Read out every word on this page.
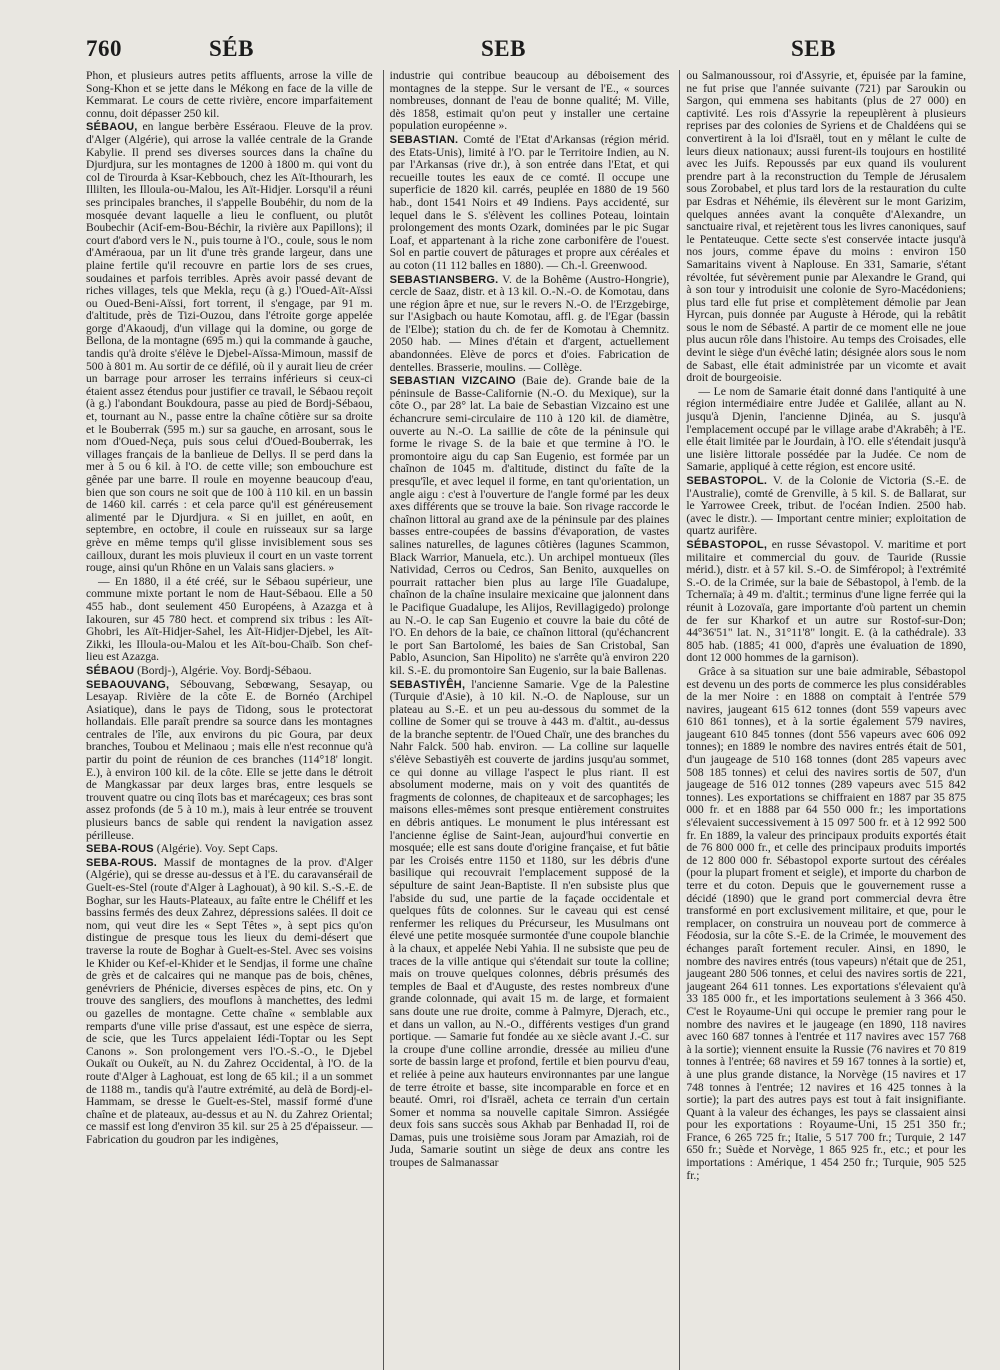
760	SÉB	SEB	SEB

Phon, et plusieurs autres petits affluents, arrose la ville de Song-Khon et se jette dans le Mékong en face de la ville de Kemmarat. Le cours de cette rivière, encore imparfaitement connu, doit dépasser 250 kil.

SÉBAOU, en langue berbère Esséraou. Fleuve de la prov. d'Alger (Algérie), qui arrose la vallée centrale de la Grande Kabylie. Il prend ses diverses sources dans la chaîne du Djurdjura, sur les montagnes de 1200 à 1800 m. qui vont du col de Tirourda à Ksar-Kebbouch, chez les Aït-Ithourагh, les Illilten, les Illoula-ou-Malou, les Aït-Hidjer. Lorsqu'il a réuni ses principales branches, il s'appelle Boubéhir, du nom de la mosquée devant laquelle a lieu le confluent, ou plutôt Boubechir (Acif-em-Bou-Béchir, la rivière aux Papillons); il court d'abord vers le N., puis tourne à l'O., coule, sous le nom d'Améraoua, par un lit d'une très grande largeur, dans une plaine fertile qu'il recouvre en partie lors de ses crues, soudaines et parfois terribles. Après avoir passé devant de riches villages, tels que Mekla, reçu (à g.) l'Oued-Aït-Aïssi ou Oued-Beni-Aïssi, fort torrent, il s'engage, par 91 m. d'altitude, près de Tizi-Ouzou, dans l'étroite gorge appelée gorge d'Akaoudj, d'un village qui la domine, ou gorge de Bellona, de la montagne (695 m.) qui la commande à gauche, tandis qu'à droite s'élève le Djebel-Aïssa-Mimoun, massif de 500 à 801 m. Au sortir de ce défilé, où il y aurait lieu de créer un barrage pour arroser les terrains inférieurs si ceux-ci étaient assez étendus pour justifier ce travail, le Sébaou reçoit (à g.) l'abondant Boukdoura, passe au pied de Bordj-Sébaou, et, tournant au N., passe entre la chaîne côtière sur sa droite et le Bouberrak (595 m.) sur sa gauche, en arrosant, sous le nom d'Oued-Neça, puis sous celui d'Oued-Bouberrak, les villages français de la banlieue de Dellys. Il se perd dans la mer à 5 ou 6 kil. à l'O. de cette ville; son embouchure est gênée par une barre. Il roule en moyenne beaucoup d'eau, bien que son cours ne soit que de 100 à 110 kil. en un bassin de 1460 kil. carrés : et cela parce qu'il est généreusement alimenté par le Djurdjura. « Si en juillet, en août, en septembre, en octobre, il coule en ruisseaux sur sa large grève en même temps qu'il glisse invisiblement sous ses cailloux, durant les mois pluvieux il court en un vaste torrent rouge, ainsi qu'un Rhône en un Valais sans glaciers. »

— En 1880, il a été créé, sur le Sébaou supérieur, une commune mixte portant le nom de Haut-Sébaou. Elle a 50 455 hab., dont seulement 450 Européens, à Azazga et à Iakouren, sur 45 780 hect. et comprend six tribus : les Aït-Ghobri, les Aït-Hidjer-Sahel, les Aït-Hidjer-Djebel, les Aït-Zikki, les Illoula-ou-Malou et les Aït-bou-Chaïb. Son chef-lieu est Azazga.

SÉBAOU (Bordj-), Algérie. Voy. Bordj-Sébaou.

SEBAOUVANG, Sébouvang, Sebœwang, Sesayap, ou Lesayap. Rivière de la côte E. de Bornéo (Archipel Asiatique), dans le pays de Tidong, sous le protectorat hollandais. Elle paraît prendre sa source dans les montagnes centrales de l'île, aux environs du pic Goura, par deux branches, Toubou et Melinaou ; mais elle n'est reconnue qu'à partir du point de réunion de ces branches (114°18' longit. E.), à environ 100 kil. de la côte. Elle se jette dans le détroit de Mangkassar par deux larges bras, entre lesquels se trouvent quatre ou cinq îlots bas et marécageux; ces bras sont assez profonds (de 5 à 10 m.), mais à leur entrée se trouvent plusieurs bancs de sable qui rendent la navigation assez périlleuse.

SEBA-ROUS (Algérie). Voy. Sept Caps.

SEBA-ROUS. Massif de montagnes de la prov. d'Alger (Algérie), qui se dresse au-dessus et à l'E. du caravansérail de Guelt-es-Stel (route d'Alger à Laghouat), à 90 kil. S.-S.-E. de Boghar, sur les Hauts-Plateaux, au faîte entre le Chéliff et les bassins fermés des deux Zahrez, dépressions salées. Il doit ce nom, qui veut dire les « Sept Têtes », à sept pics qu'on distingue de presque tous les lieux du demi-désert que traverse la route de Boghar à Guelt-es-Stel. Avec ses voisins le Khider ou Kef-el-Khider et le Sendjas, il forme une chaîne de grès et de calcaires qui ne manque pas de bois, chênes, genévriers de Phénicie, diverses espèces de pins, etc. On y trouve des sangliers, des mouflons à manchettes, des ledmi ou gazelles de montagne. Cette chaîne « semblable aux remparts d'une ville prise d'assaut, est une espèce de sierra, de scie, que les Turcs appelaient Iédi-Toptar ou les Sept Canons ». Son prolongement vers l'O.-S.-O., le Djebel Oukaït ou Oukeït, au N. du Zahrez Occidental, à l'O. de la route d'Alger à Laghouat, est long de 65 kil.; il a un sommet de 1188 m., tandis qu'à l'autre extrémité, au delà de Bordj-el-Hammam, se dresse le Guelt-es-Stel, massif formé d'une chaîne et de plateaux, au-dessus et au N. du Zahrez Oriental; ce massif est long d'environ 35 kil. sur 25 à 25 d'épaisseur. — Fabrication du goudron par les indigènes,

industrie qui contribue beaucoup au déboisement des montagnes de la steppe. Sur le versant de l'E., « sources nombreuses, donnant de l'eau de bonne qualité; M. Ville, dès 1858, estimait qu'on peut y installer une certaine population européenne ».

SEBASTIAN. Comté de l'Etat d'Arkansas (région mérid. des Etats-Unis), limité à l'O. par le Territoire Indien, au N. par l'Arkansas (rive dr.), à son entrée dans l'Etat, et qui recueille toutes les eaux de ce comté. Il occupe une superficie de 1820 kil. carrés, peuplée en 1880 de 19 560 hab., dont 1541 Noirs et 49 Indiens. Pays accidenté, sur lequel dans le S. s'élèvent les collines Poteau, lointain prolongement des monts Ozark, dominées par le pic Sugar Loaf, et appartenant à la riche zone carbonifère de l'ouest. Sol en partie couvert de pâturages et propre aux céréales et au coton (11 112 balles en 1880). — Ch.-l. Greenwood.

SEBASTIANSBERG. V. de la Bohême (Austro-Hongrie), cercle de Saaz, distr. et à 13 kil. O.-N.-O. de Komotau, dans une région âpre et nue, sur le revers N.-O. de l'Erzgebirge, sur l'Asigbach ou haute Komotau, affl. g. de l'Egar (bassin de l'Elbe); station du ch. de fer de Komotau à Chemnitz. 2050 hab. — Mines d'étain et d'argent, actuellement abandonnées. Elève de porcs et d'oies. Fabrication de dentelles. Brasserie, moulins. — Collège.

SEBASTIAN VIZCAINO (Baie de). Grande baie de la péninsule de Basse-Californie (N.-O. du Mexique), sur la côte O., par 28° lat. La baie de Sebastian Vizcaino est une échancrure semi-circulaire de 110 à 120 kil. de diamètre, ouverte au N.-O. La saillie de côte de la péninsule qui forme le rivage S. de la baie et que termine à l'O. le promontoire aigu du cap San Eugenio, est formée par un chaînon de 1045 m. d'altitude, distinct du faîte de la presqu'île, et avec lequel il forme, en tant qu'orientation, un angle aigu : c'est à l'ouverture de l'angle formé par les deux axes différents que se trouve la baie. Son rivage raccorde le chaînon littoral au grand axe de la péninsule par des plaines basses entre-coupées de bassins d'évaporation, de vastes salines naturelles, de lagunes côtières (lagunes Scammon, Black Warrior, Manuela, etc.). Un archipel montueux (îles Natividad, Cerros ou Cedros, San Benito, auxquelles on pourrait rattacher bien plus au large l'île Guadalupe, chaînon de la chaîne insulaire mexicaine que jalonnent dans le Pacifique Guadalupe, les Alijos, Revillagigedo) prolonge au N.-O. le cap San Eugenio et couvre la baie du côté de l'O. En dehors de la baie, ce chaînon littoral (qu'échancrent le port San Bartolomé, les baies de San Cristobal, San Pablo, Asuncion, San Hipolito) ne s'arrête qu'à environ 220 kil. S.-E. du promontoire San Eugenio, sur la baie Ballenas.

SEBASTIYÊH, l'ancienne Samarie. Vge de la Palestine (Turquie d'Asie), à 10 kil. N.-O. de Naplouse, sur un plateau au S.-E. et un peu au-dessous du sommet de la colline de Somer qui se trouve à 443 m. d'altit., au-dessus de la branche septentr. de l'Oued Chaïr, une des branches du Nahr Falck. 500 hab. environ. — La colline sur laquelle s'élève Sebastiyêh est couverte de jardins jusqu'au sommet, ce qui donne au village l'aspect le plus riant. Il est absolument moderne, mais on y voit des quantités de fragments de colonnes, de chapiteaux et de sarcophages; les maisons elles-mêmes sont presque entièrement construites en débris antiques. Le monument le plus intéressant est l'ancienne église de Saint-Jean, aujourd'hui convertie en mosquée; elle est sans doute d'origine française, et fut bâtie par les Croisés entre 1150 et 1180, sur les débris d'une basilique qui recouvrait l'emplacement supposé de la sépulture de saint Jean-Baptiste. Il n'en subsiste plus que l'abside du sud, une partie de la façade occidentale et quelques fûts de colonnes. Sur le caveau qui est censé renfermer les reliques du Précurseur, les Musulmans ont élevé une petite mosquée surmontée d'une coupole blanchie à la chaux, et appelée Nebi Yahia. Il ne subsiste que peu de traces de la ville antique qui s'étendait sur toute la colline; mais on trouve quelques colonnes, débris présumés des temples de Baal et d'Auguste, des restes nombreux d'une grande colonnade, qui avait 15 m. de large, et formaient sans doute une rue droite, comme à Palmyre, Djerach, etc., et dans un vallon, au N.-O., différents vestiges d'un grand portique. — Samarie fut fondée au xe siècle avant J.-C. sur la croupe d'une colline arrondie, dressée au milieu d'une sorte de bassin large et profond, fertile et bien pourvu d'eau, et reliée à peine aux hauteurs environnantes par une langue de terre étroite et basse, site incomparable en force et en beauté. Omri, roi d'Israël, acheta ce terrain d'un certain Somer et nomma sa nouvelle capitale Simron. Assiégée deux fois sans succès sous Akhab par Benhadad II, roi de Damas, puis une troisième sous Joram par Amaziah, roi de Juda, Samarie soutint un siège de deux ans contre les troupes de Salmanassar

ou Salmanoussour, roi d'Assyrie, et, épuisée par la famine, ne fut prise que l'année suivante (721) par Saroukin ou Sargon, qui emmena ses habitants (plus de 27 000) en captivité. Les rois d'Assyrie la repeuplèrent à plusieurs reprises par des colonies de Syriens et de Chaldéens qui se convertirent à la loi d'Israël, tout en y mêlant le culte de leurs dieux nationaux; aussi furent-ils toujours en hostilité avec les Juifs. Repoussés par eux quand ils voulurent prendre part à la reconstruction du Temple de Jérusalem sous Zorobabel, et plus tard lors de la restauration du culte par Esdras et Néhémie, ils élevèrent sur le mont Garizim, quelques années avant la conquête d'Alexandre, un sanctuaire rival, et rejetèrent tous les livres canoniques, sauf le Pentateuque. Cette secte s'est conservée intacte jusqu'à nos jours, comme épave du moins : environ 150 Samaritains vivent à Naplouse. En 331, Samarie, s'étant révoltée, fut sévèrement punie par Alexandre le Grand, qui à son tour y introduisit une colonie de Syro-Macédoniens; plus tard elle fut prise et complètement démolie par Jean Hyrcan, puis donnée par Auguste à Hérode, qui la rebâtit sous le nom de Sébasté. A partir de ce moment elle ne joue plus aucun rôle dans l'histoire. Au temps des Croisades, elle devint le siège d'un évêché latin; désignée alors sous le nom de Sabast, elle était administrée par un vicomte et avait droit de bourgeoisie.

— Le nom de Samarie était donné dans l'antiquité à une région intermédiaire entre Judée et Galilée, allant au N. jusqu'à Djenin, l'ancienne Djinéa, au S. jusqu'à l'emplacement occupé par le village arabe d'Akrabêh; à l'E. elle était limitée par le Jourdain, à l'O. elle s'étendait jusqu'à une lisière littorale possédée par la Judée. Ce nom de Samarie, appliqué à cette région, est encore usité.

SEBASTOPOL. V. de la Colonie de Victoria (S.-E. de l'Australie), comté de Grenville, à 5 kil. S. de Ballarat, sur le Yarrowee Creek, tribut. de l'océan Indien. 2500 hab. (avec le distr.). — Important centre minier; exploitation de quartz aurifère.

SÉBASTOPOL, en russe Sévastopol. V. maritime et port militaire et commercial du gouv. de Tauride (Russie mérid.), distr. et à 57 kil. S.-O. de Simféropol; à l'extrémité S.-O. de la Crimée, sur la baie de Sébastopol, à l'emb. de la Tchernaïa; à 49 m. d'altit.; terminus d'une ligne ferrée qui la réunit à Lozovaïa, gare importante d'où partent un chemin de fer sur Kharkof et un autre sur Rostof-sur-Don; 44°36'51" lat. N., 31°11'8" longit. E. (à la cathédrale). 33 805 hab. (1885; 41 000, d'après une évaluation de 1890, dont 12 000 hommes de la garnison).

Grâce à sa situation sur une baie admirable, Sébastopol est devenu un des ports de commerce les plus considérables de la mer Noire : en 1888 on comptait à l'entrée 579 navires, jaugeant 615 612 tonnes (dont 559 vapeurs avec 610 861 tonnes), et à la sortie également 579 navires, jaugeant 610 845 tonnes (dont 556 vapeurs avec 606 092 tonnes); en 1889 le nombre des navires entrés était de 501, d'un jaugeage de 510 168 tonnes (dont 285 vapeurs avec 508 185 tonnes) et celui des navires sortis de 507, d'un jaugeage de 516 012 tonnes (289 vapeurs avec 515 842 tonnes). Les exportations se chiffraient en 1887 par 35 875 000 fr. et en 1888 par 64 550 000 fr.; les importations s'élevaient successivement à 15 097 500 fr. et à 12 992 500 fr. En 1889, la valeur des principaux produits exportés était de 76 800 000 fr., et celle des principaux produits importés de 12 800 000 fr. Sébastopol exporte surtout des céréales (pour la plupart froment et seigle), et importe du charbon de terre et du coton. Depuis que le gouvernement russe a décidé (1890) que le grand port commercial devra être transformé en port exclusivement militaire, et que, pour le remplacer, on construira un nouveau port de commerce à Féodosia, sur la côte S.-E. de la Crimée, le mouvement des échanges paraît fortement reculer. Ainsi, en 1890, le nombre des navires entrés (tous vapeurs) n'était que de 251, jaugeant 280 506 tonnes, et celui des navires sortis de 221, jaugeant 264 611 tonnes. Les exportations s'élevaient qu'à 33 185 000 fr., et les importations seulement à 3 366 450. C'est le Royaume-Uni qui occupe le premier rang pour le nombre des navires et le jaugeage (en 1890, 118 navires avec 160 687 tonnes à l'entrée et 117 navires avec 157 768 à la sortie); viennent ensuite la Russie (76 navires et 70 819 tonnes à l'entrée; 68 navires et 59 167 tonnes à la sortie) et, à une plus grande distance, la Norvège (15 navires et 17 748 tonnes à l'entrée; 12 navires et 16 425 tonnes à la sortie); la part des autres pays est tout à fait insignifiante. Quant à la valeur des échanges, les pays se classaient ainsi pour les exportations : Royaume-Uni, 15 251 350 fr.; France, 6 265 725 fr.; Italie, 5 517 700 fr.; Turquie, 2 147 650 fr.; Suède et Norvège, 1 865 925 fr., etc.; et pour les importations : Amérique, 1 454 250 fr.; Turquie, 905 525 fr.;
